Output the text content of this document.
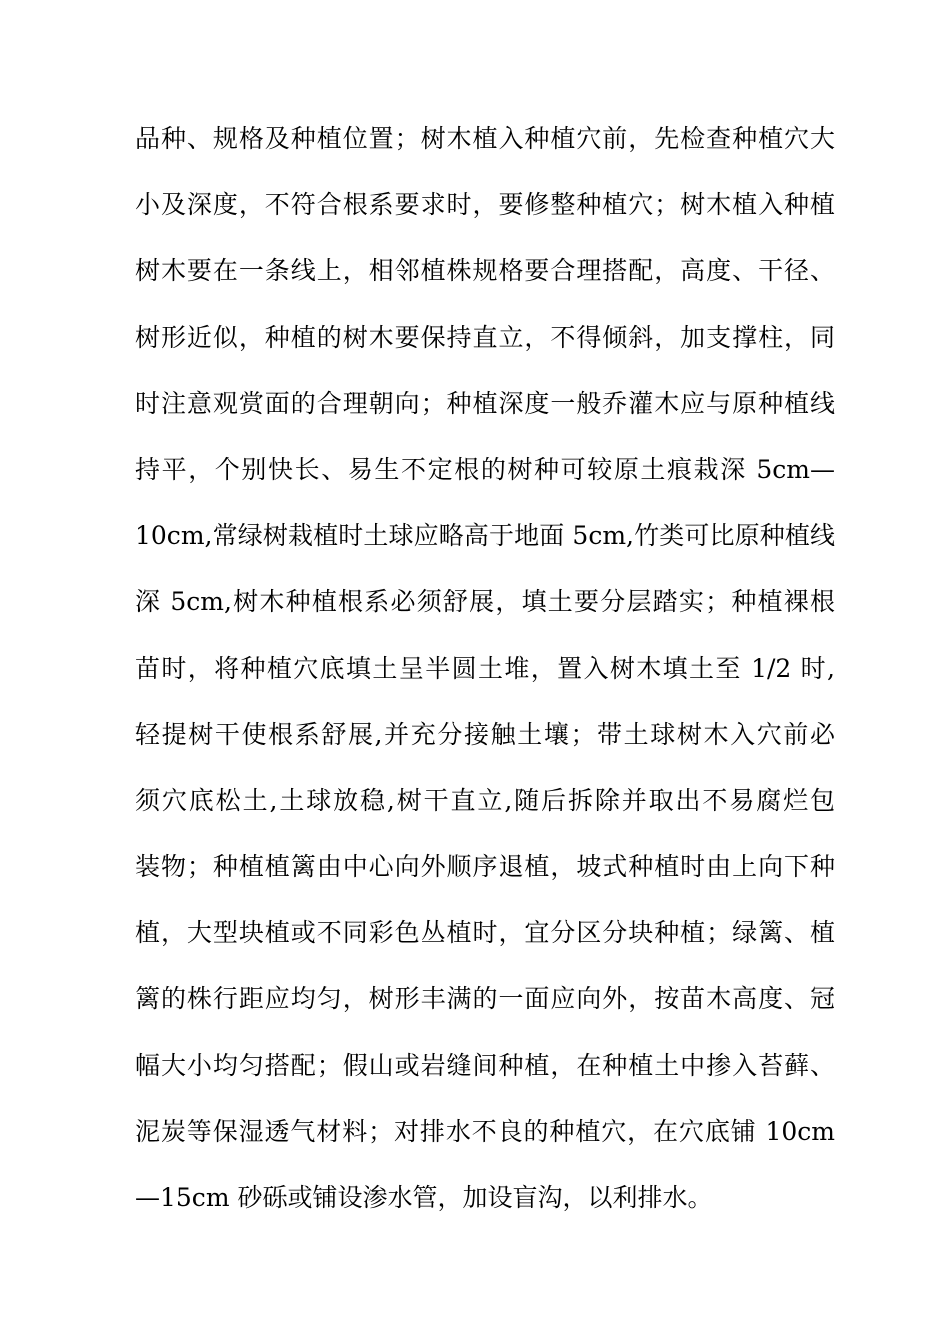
品种、规格及种植位置；树木植入种植穴前，先检查种植穴大
小及深度，不符合根系要求时，要修整种植穴；树木植入种植
树木要在一条线上，相邻植株规格要合理搭配，高度、干径、
树形近似，种植的树木要保持直立，不得倾斜，加支撑柱，同
时注意观赏面的合理朝向；种植深度一般乔灌木应与原种植线
持平，个别快长、易生不定根的树种可较原土痕栽深 5cm—
10cm,常绿树栽植时土球应略高于地面 5cm,竹类可比原种植线
深 5cm,树木种植根系必须舒展，填土要分层踏实；种植裸根
苗时，将种植穴底填土呈半圆土堆，置入树木填土至 1/2 时,
轻提树干使根系舒展,并充分接触土壤；带土球树木入穴前必
须穴底松土,土球放稳,树干直立,随后拆除并取出不易腐烂包
装物；种植植篱由中心向外顺序退植，坡式种植时由上向下种
植，大型块植或不同彩色丛植时，宜分区分块种植；绿篱、植
篱的株行距应均匀，树形丰满的一面应向外，按苗木高度、冠
幅大小均匀搭配；假山或岩缝间种植，在种植土中掺入苔藓、
泥炭等保湿透气材料；对排水不良的种植穴，在穴底铺 10cm
—15cm 砂砾或铺设渗水管，加设盲沟，以利排水。
